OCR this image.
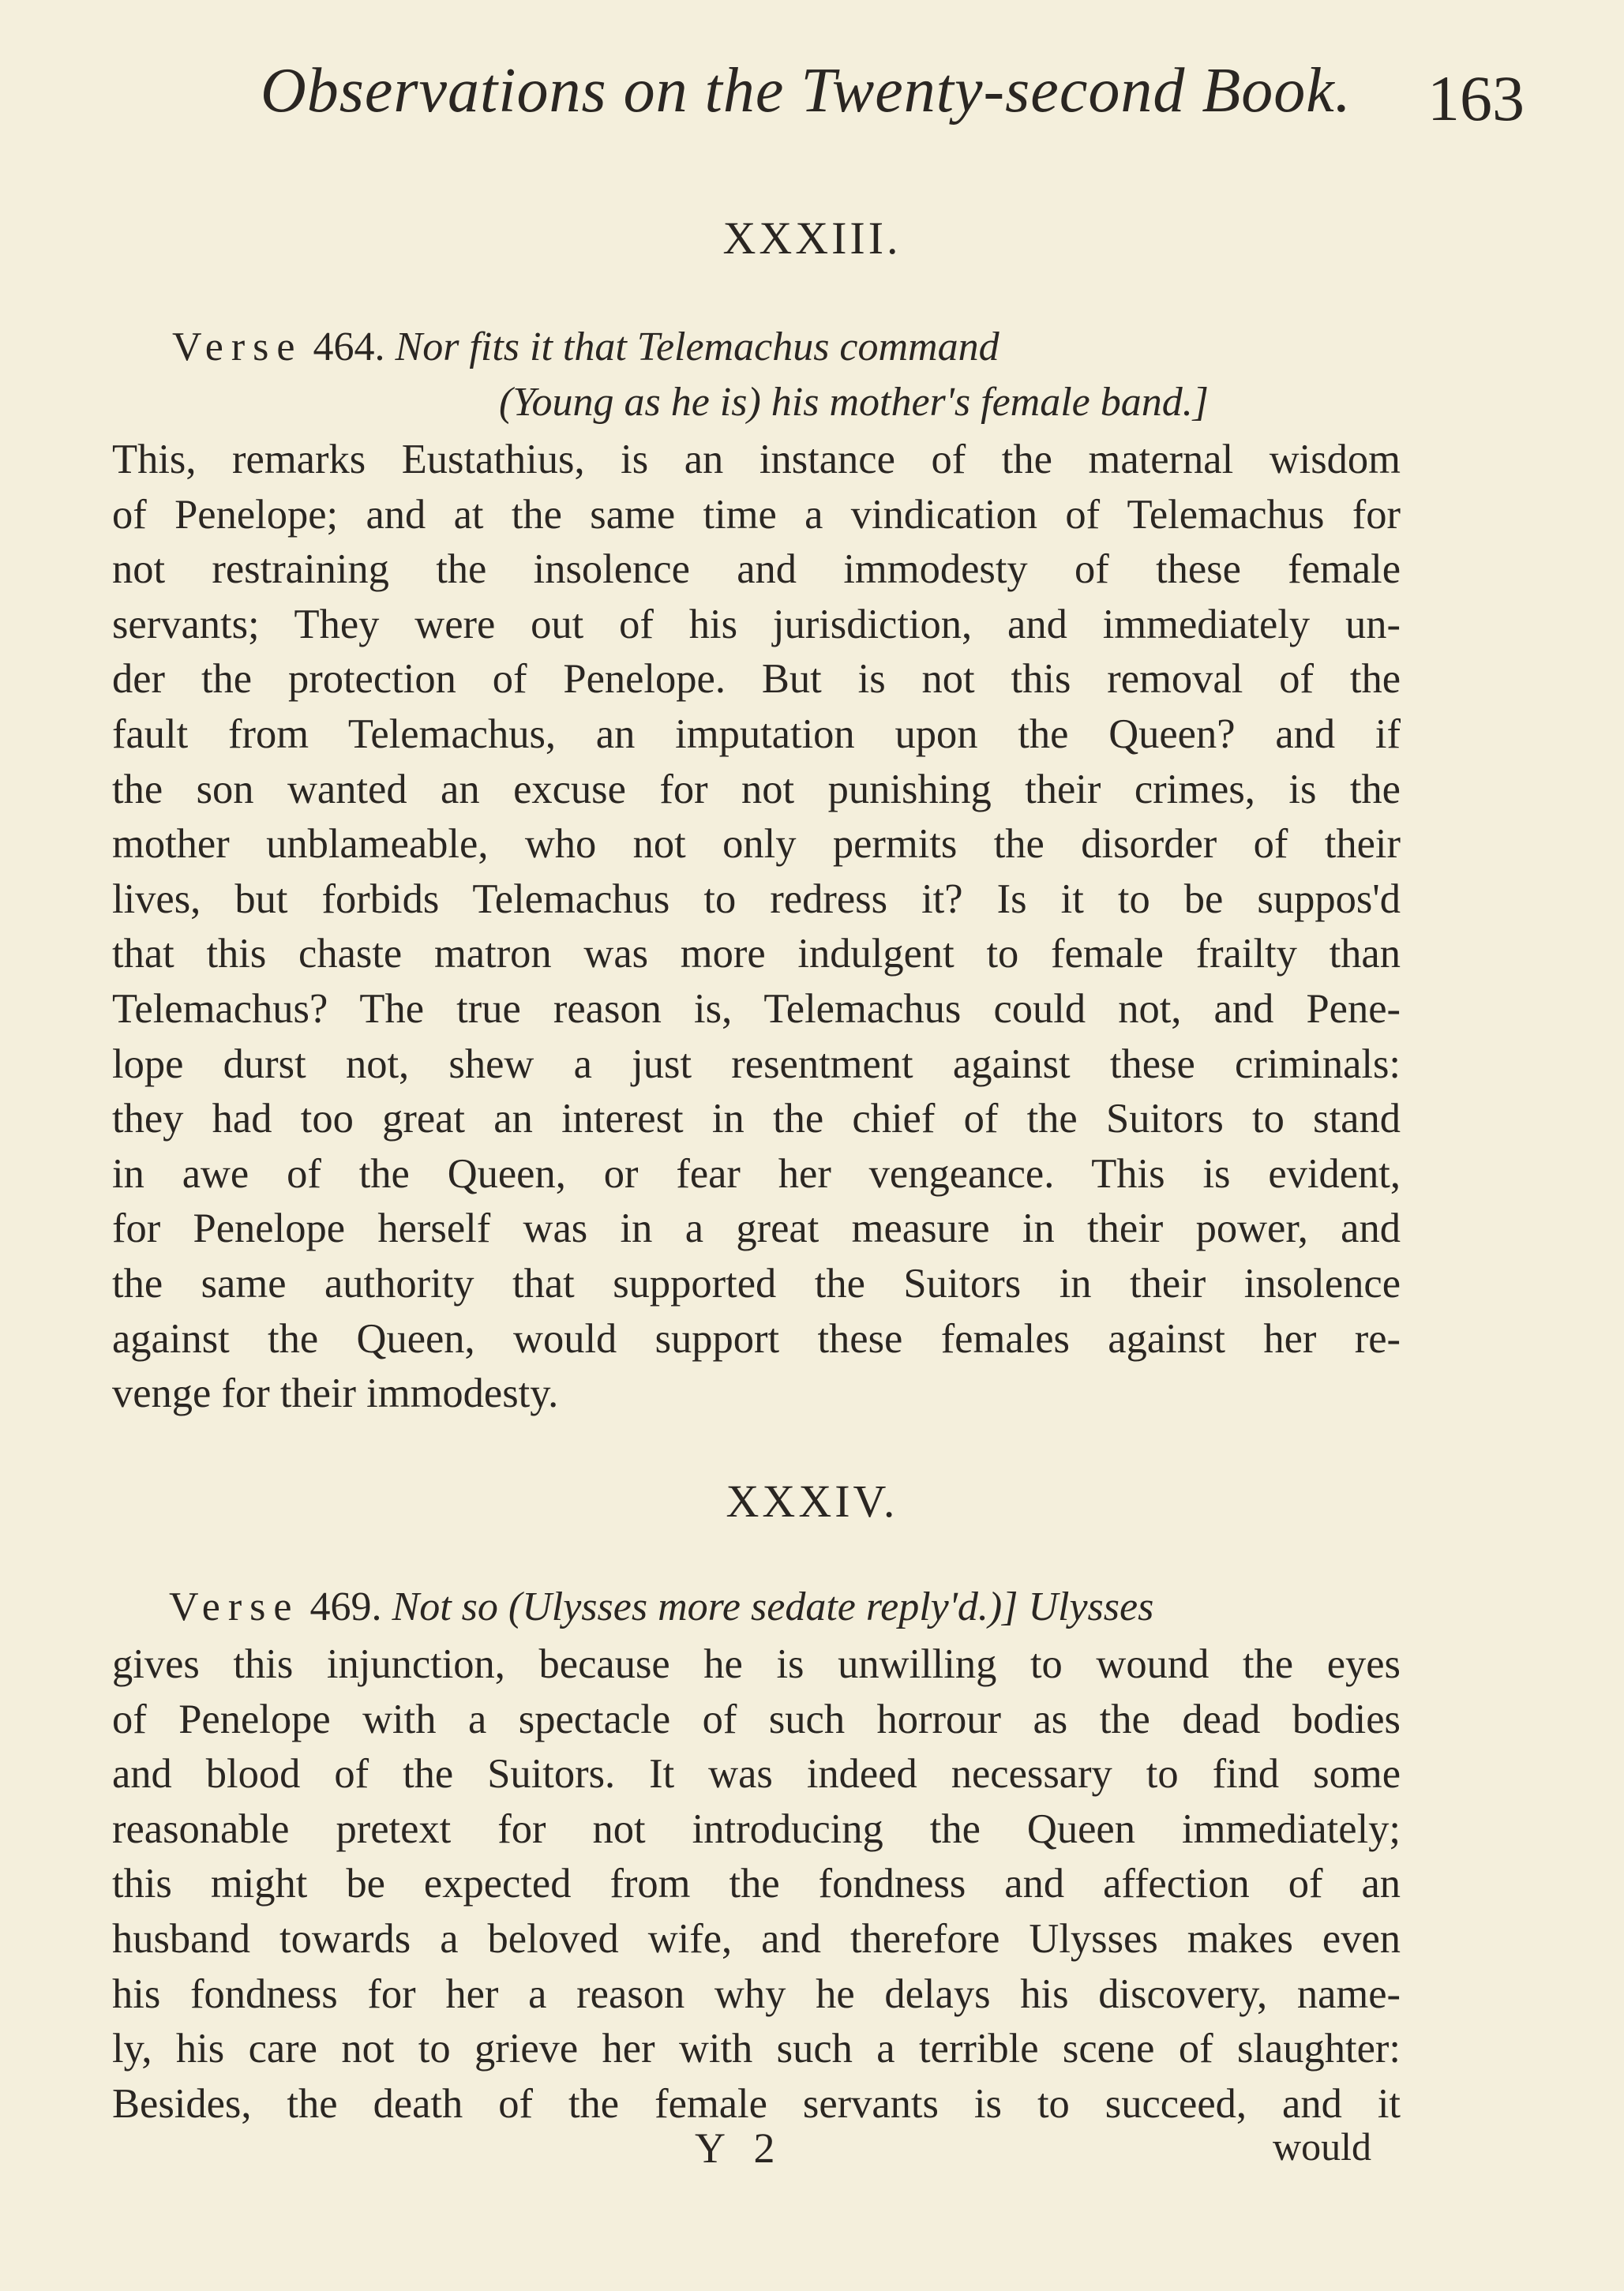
Observations on the Twenty-second Book. 163
XXXIII.
Verse 464. Nor fits it that Telemachus command
(Young as he is) his mother's female band.]
This, remarks Eustathius, is an instance of the maternal wisdom
of Penelope; and at the same time a vindication of Telemachus for
not restraining the insolence and immodesty of these female
servants; They were out of his jurisdiction, and immediately un-
der the protection of Penelope. But is not this removal of the
fault from Telemachus, an imputation upon the Queen? and if
the son wanted an excuse for not punishing their crimes, is the
mother unblameable, who not only permits the disorder of their
lives, but forbids Telemachus to redress it? Is it to be suppos'd
that this chaste matron was more indulgent to female frailty than
Telemachus? The true reason is, Telemachus could not, and Pene-
lope durst not, shew a just resentment against these criminals:
they had too great an interest in the chief of the Suitors to stand
in awe of the Queen, or fear her vengeance. This is evident,
for Penelope herself was in a great measure in their power, and
the same authority that supported the Suitors in their insolence
against the Queen, would support these females against her re-
venge for their immodesty.
XXXIV.
Verse 469. Not so (Ulysses more sedate reply'd.)] Ulysses
gives this injunction, because he is unwilling to wound the eyes
of Penelope with a spectacle of such horrour as the dead bodies
and blood of the Suitors. It was indeed necessary to find some
reasonable pretext for not introducing the Queen immediately;
this might be expected from the fondness and affection of an
husband towards a beloved wife, and therefore Ulysses makes even
his fondness for her a reason why he delays his discovery, name-
ly, his care not to grieve her with such a terrible scene of slaughter:
Besides, the death of the female servants is to succeed, and it
Y 2	would
